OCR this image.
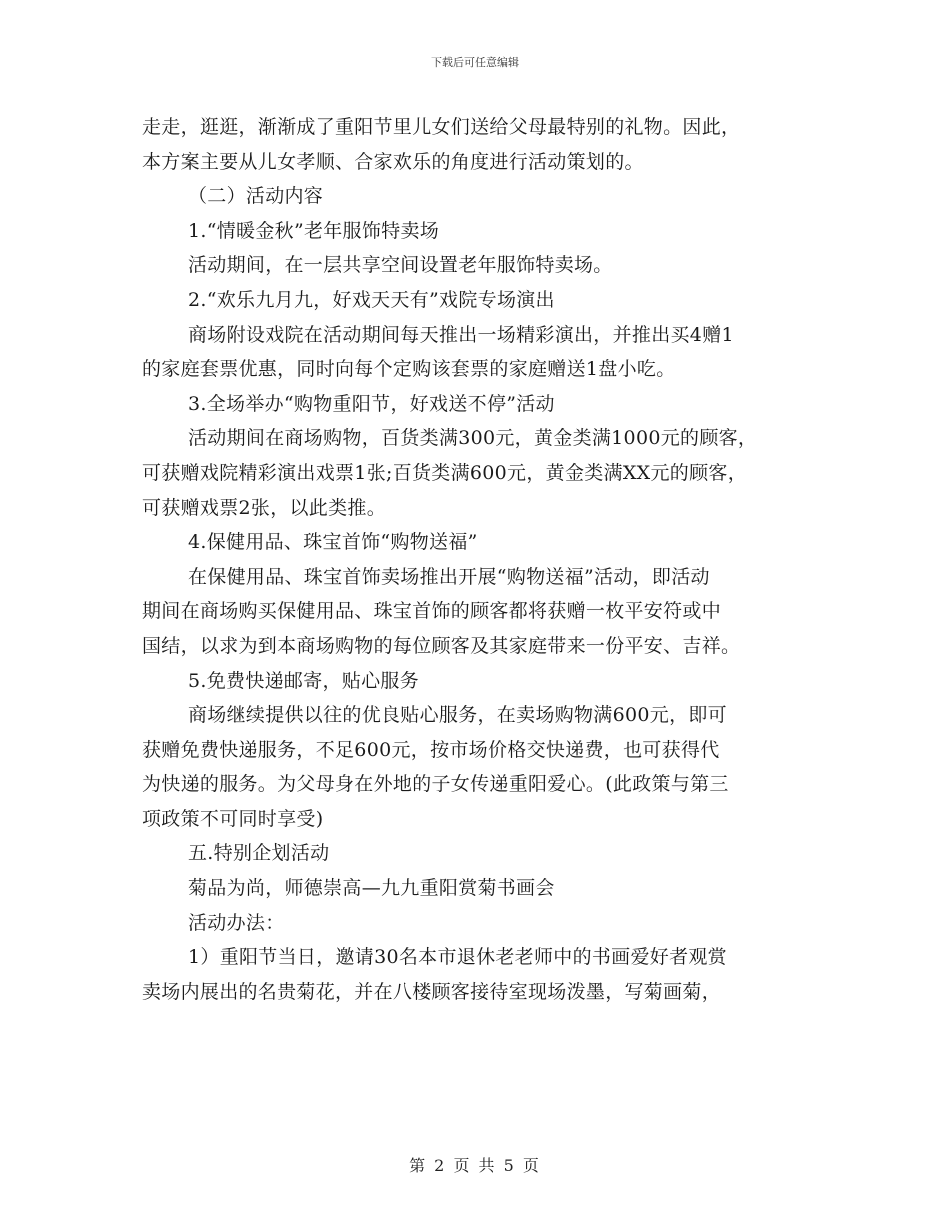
下载后可任意编辑
走走，逛逛，渐渐成了重阳节里儿女们送给父母最特别的礼物。因此，
本方案主要从儿女孝顺、合家欢乐的角度进行活动策划的。
（二）活动内容
1.“情暖金秋”老年服饰特卖场
活动期间，在一层共享空间设置老年服饰特卖场。
2.“欢乐九月九，好戏天天有”戏院专场演出
商场附设戏院在活动期间每天推出一场精彩演出，并推出买4赠1
的家庭套票优惠，同时向每个定购该套票的家庭赠送1盘小吃。
3.全场举办“购物重阳节，好戏送不停”活动
活动期间在商场购物，百货类满300元，黄金类满1000元的顾客，
可获赠戏院精彩演出戏票1张;百货类满600元，黄金类满XX元的顾客，
可获赠戏票2张，以此类推。
4.保健用品、珠宝首饰“购物送福”
在保健用品、珠宝首饰卖场推出开展“购物送福”活动，即活动
期间在商场购买保健用品、珠宝首饰的顾客都将获赠一枚平安符或中
国结，以求为到本商场购物的每位顾客及其家庭带来一份平安、吉祥。
5.免费快递邮寄，贴心服务
商场继续提供以往的优良贴心服务，在卖场购物满600元，即可
获赠免费快递服务，不足600元，按市场价格交快递费，也可获得代
为快递的服务。为父母身在外地的子女传递重阳爱心。(此政策与第三
项政策不可同时享受)
五.特别企划活动
菊品为尚，师德崇高—九九重阳赏菊书画会
活动办法：
1）重阳节当日，邀请30名本市退休老老师中的书画爱好者观赏
卖场内展出的名贵菊花，并在八楼顾客接待室现场泼墨，写菊画菊，
第 2 页 共 5 页
